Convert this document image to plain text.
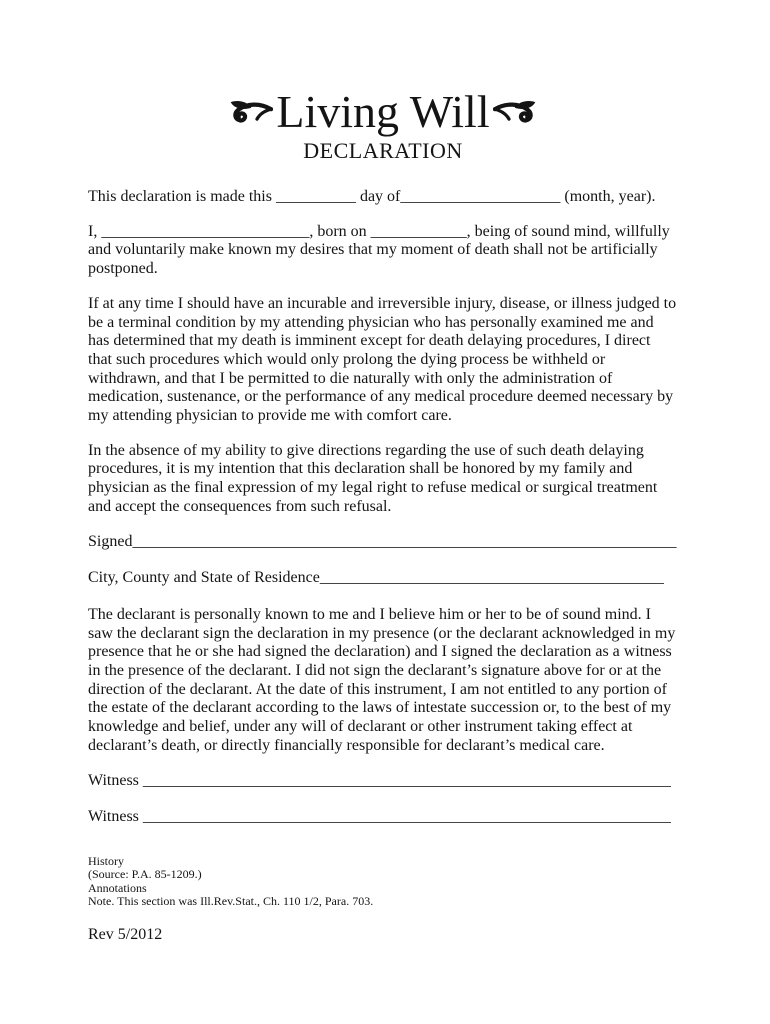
Living Will

DECLARATION

This declaration is made this __________ day of____________________ (month, year).

I, __________________________, born on ____________, being of sound mind, willfully and voluntarily make known my desires that my moment of death shall not be artificially postponed.

If at any time I should have an incurable and irreversible injury, disease, or illness judged to be a terminal condition by my attending physician who has personally examined me and has determined that my death is imminent except for death delaying procedures, I direct that such procedures which would only prolong the dying process be withheld or withdrawn, and that I be permitted to die naturally with only the administration of medication, sustenance, or the performance of any medical procedure deemed necessary by my attending physician to provide me with comfort care.

In the absence of my ability to give directions regarding the use of such death delaying procedures, it is my intention that this declaration shall be honored by my family and physician as the final expression of my legal right to refuse medical or surgical treatment and accept the consequences from such refusal.

Signed____________________________________________________________________

City, County and State of Residence___________________________________________

The declarant is personally known to me and I believe him or her to be of sound mind. I saw the declarant sign the declaration in my presence (or the declarant acknowledged in my presence that he or she had signed the declaration) and I signed the declaration as a witness in the presence of the declarant. I did not sign the declarant’s signature above for or at the direction of the declarant. At the date of this instrument, I am not entitled to any portion of the estate of the declarant according to the laws of intestate succession or, to the best of my knowledge and belief, under any will of declarant or other instrument taking effect at declarant’s death, or directly financially responsible for declarant’s medical care.

Witness __________________________________________________________________

Witness __________________________________________________________________

History

(Source: P.A. 85-1209.)

Annotations

Note. This section was Ill.Rev.Stat., Ch. 110 1/2, Para. 703.

Rev 5/2012
